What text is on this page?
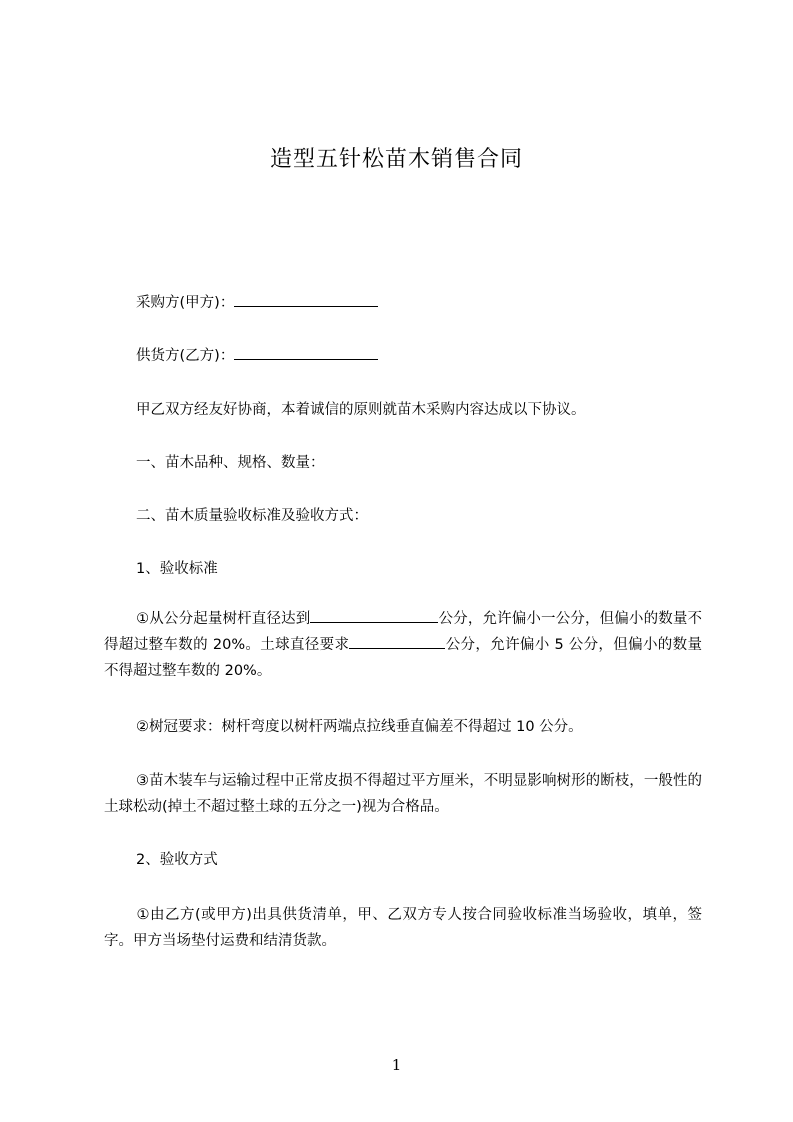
造型五针松苗木销售合同
采购方(甲方)：
供货方(乙方)：
甲乙双方经友好协商，本着诚信的原则就苗木采购内容达成以下协议。
一、苗木品种、规格、数量：
二、苗木质量验收标准及验收方式：
1、验收标准
①从公分起量树杆直径达到	公分，允许偏小一公分，但偏小的数量不得超过整车数的 20%。土球直径要求	公分，允许偏小 5 公分，但偏小的数量不得超过整车数的 20%。
②树冠要求：树杆弯度以树杆两端点拉线垂直偏差不得超过 10 公分。
③苗木装车与运输过程中正常皮损不得超过平方厘米，不明显影响树形的断枝，一般性的土球松动(掉土不超过整土球的五分之一)视为合格品。
2、验收方式
①由乙方(或甲方)出具供货清单，甲、乙双方专人按合同验收标准当场验收，填单，签字。甲方当场垫付运费和结清货款。
1
